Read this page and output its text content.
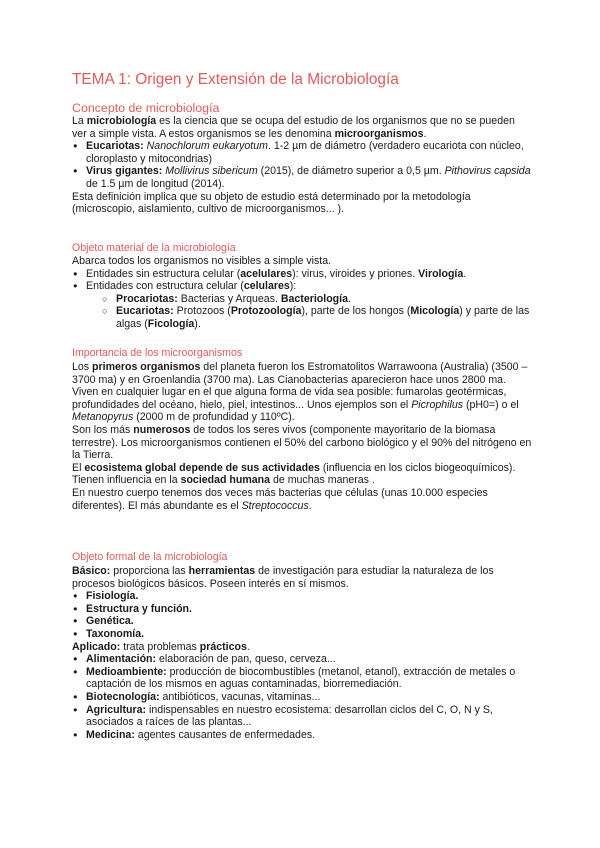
TEMA 1: Origen y Extensión de la Microbiología
Concepto de microbiología

La microbiología es la ciencia que se ocupa del estudio de los organismos que no se pueden ver a simple vista. A estos organismos se les denomina microorganismos.

● Eucariotas: Nanochlorum eukaryotum. 1-2 µm de diámetro (verdadero eucariota con núcleo, cloroplasto y mitocondrias)
● Virus gigantes: Mollivirus sibericum (2015), de diámetro superior a 0,5 µm. Pithovirus capsida de 1.5 µm de longitud (2014).

Esta definición implica que su objeto de estudio está determinado por la metodología (microscopio, aislamiento, cultivo de microorganismos... ).

Objeto material de la microbiología

Abarca todos los organismos no visibles a simple vista.

● Entidades sin estructura celular (acelulares): virus, viroides y priones. Virología.
● Entidades con estructura celular (celulares):
○ Procariotas: Bacterias y Arqueas. Bacteriología.
○ Eucariotas: Protozoos (Protozoología), parte de los hongos (Micología) y parte de las algas (Ficología).
Importancia de los microorganismos

Los primeros organismos del planeta fueron los Estromatolitos Warrawoona (Australia) (3500 – 3700 ma) y en Groenlandia (3700 ma). Las Cianobacterias aparecieron hace unos 2800 ma.

Viven en cualquier lugar en el que alguna forma de vida sea posible: fumarolas geotérmicas, profundidades del océano, hielo, piel, intestinos... Unos ejemplos son el Picrophilus (pH0=) o el Metanopyrus (2000 m de profundidad y 110ºC).

Son los más numerosos de todos los seres vivos (componente mayoritario de la biomasa terrestre). Los microorganismos contienen el 50% del carbono biológico y el 90% del nitrógeno en la Tierra.

El ecosistema global depende de sus actividades (influencia en los ciclos biogeoquímicos).

Tienen influencia en la sociedad humana de muchas maneras .

En nuestro cuerpo tenemos dos veces más bacterias que células (unas 10.000 especies diferentes). El más abundante es el Streptococcus.

Objeto formal de la microbiología

Básico: proporciona las herramientas de investigación para estudiar la naturaleza de los procesos biológicos básicos. Poseen interés en sí mismos.

● Fisiología.
● Estructura y función.
● Genética.
● Taxonomía.

Aplicado: trata problemas prácticos.

● Alimentación: elaboración de pan, queso, cerveza...
● Medioambiente: producción de biocombustibles (metanol, etanol), extracción de metales o captación de los mismos en aguas contaminadas, biorremediación.
● Biotecnología: antibióticos, vacunas, vitaminas...
● Agricultura: indispensables en nuestro ecosistema: desarrollan ciclos del C, O, N y S, asociados a raíces de las plantas...
● Medicina: agentes causantes de enfermedades.
